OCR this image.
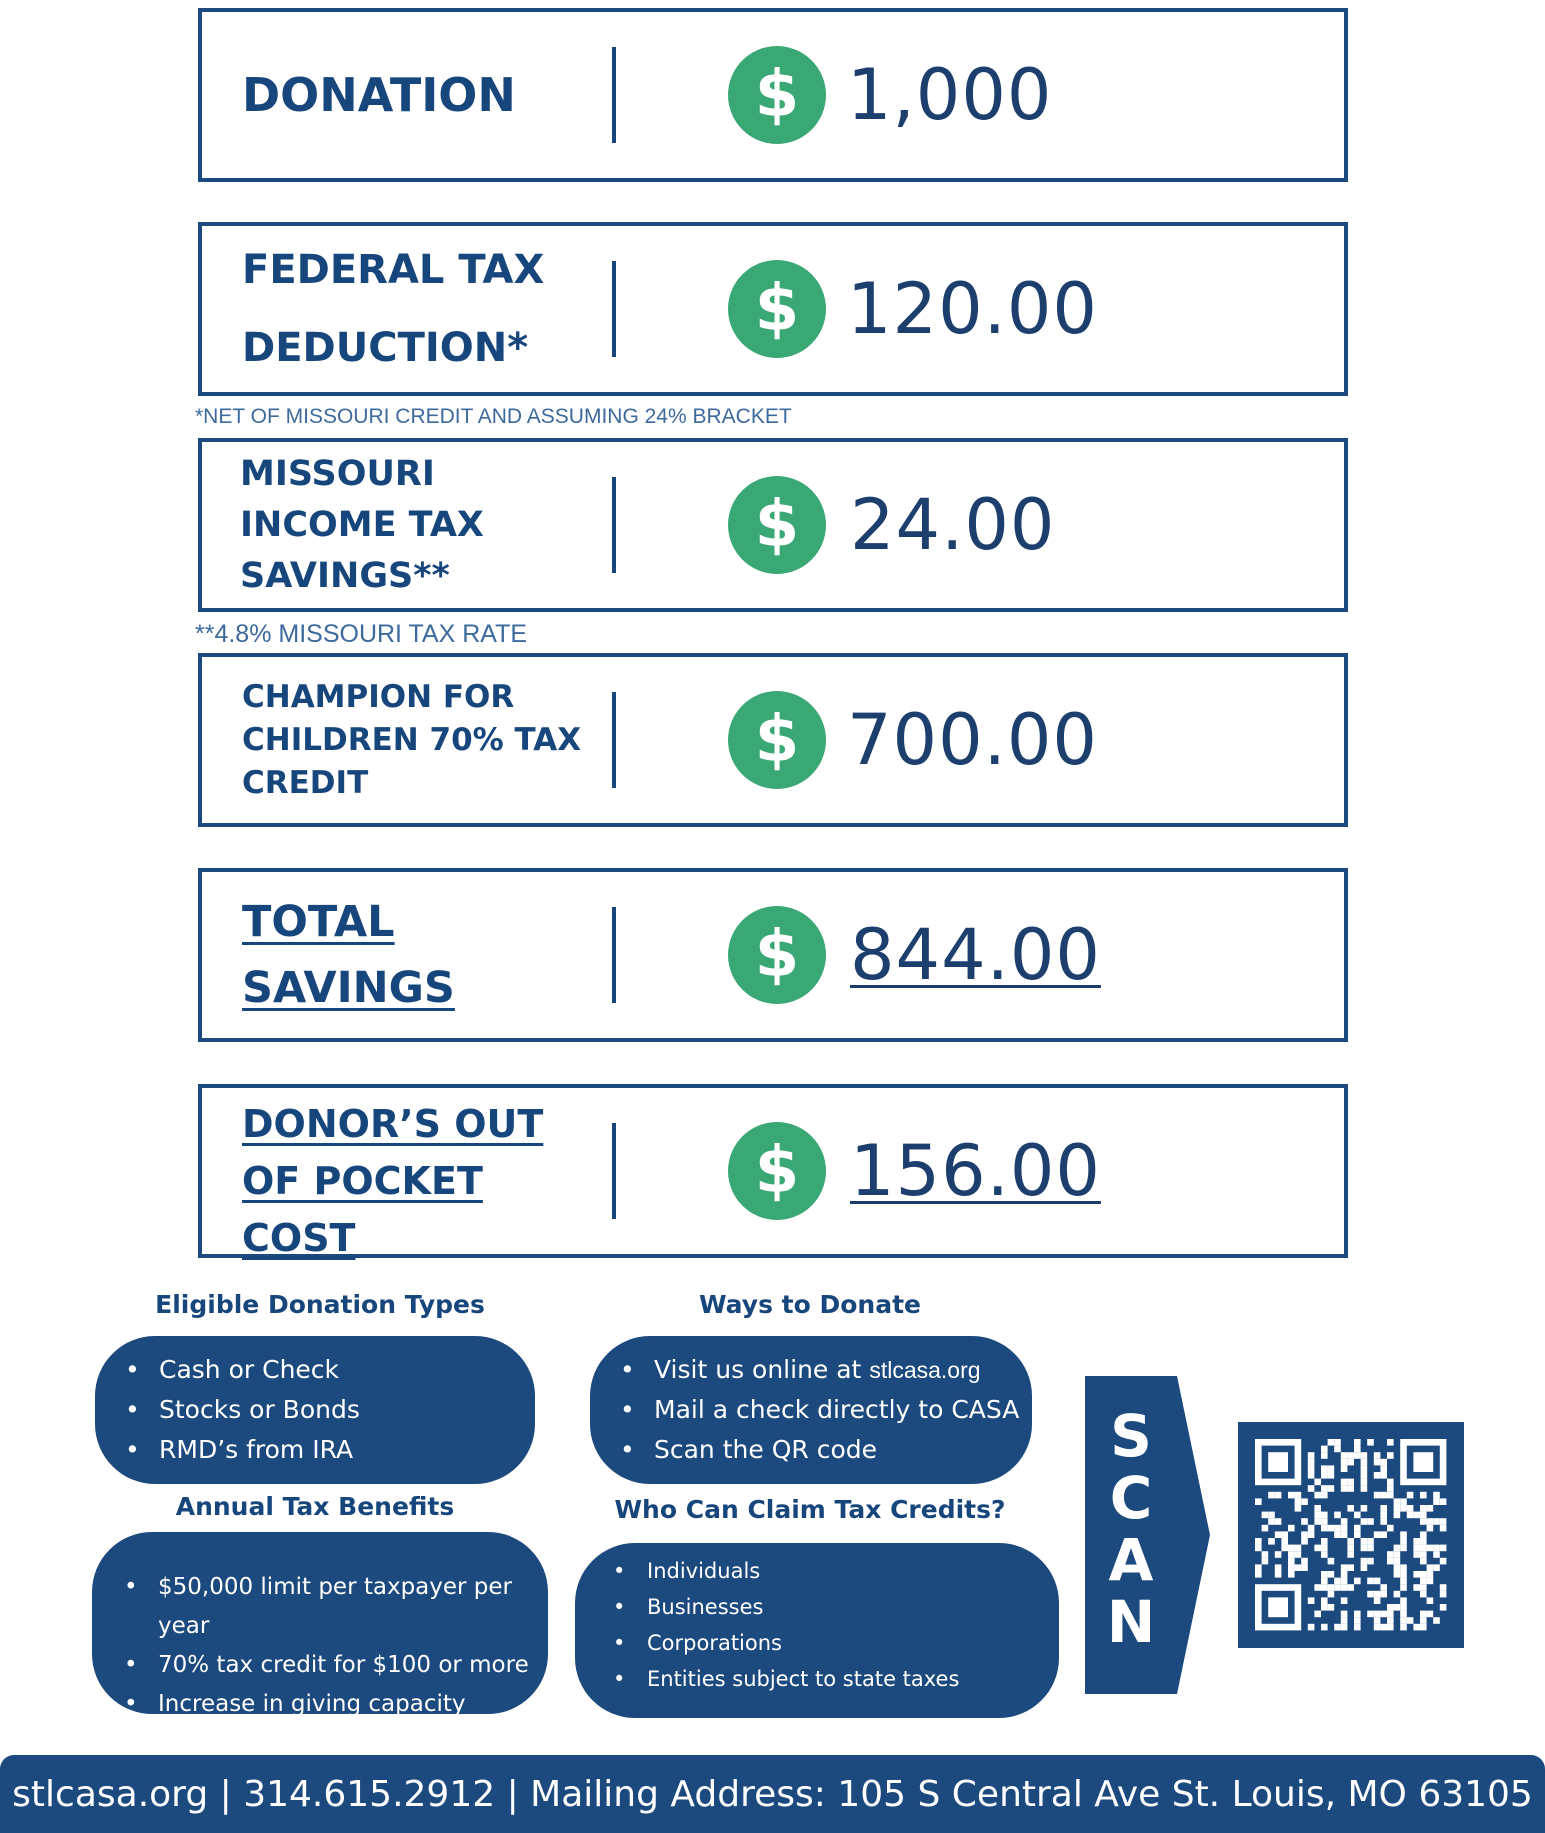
DONATION	$ 1,000
FEDERAL TAX
DEDUCTION*
$ 120.00
*NET OF MISSOURI CREDIT AND ASSUMING 24% BRACKET
MISSOURI
INCOME TAX
SAVINGS**
$ 24.00
**4.8% MISSOURI TAX RATE
CHAMPION FOR
CHILDREN 70% TAX
CREDIT
$ 700.00
TOTAL
SAVINGS	$ 844.00
DONOR’S OUT
OF POCKET
COST
$ 156.00
Eligible Donation Types
• Cash or Check
• Stocks or Bonds
• RMD’s from IRA
Ways to Donate
• Visit us online at stlcasa.org
• Mail a check directly to CASA
• Scan the QR code
Annual Tax Benefits
• $50,000 limit per taxpayer per year
• 70% tax credit for $100 or more
• Increase in giving capacity
Who Can Claim Tax Credits?
• Individuals
• Businesses
• Corporations
• Entities subject to state taxes
S
C
A
N
stlcasa.org | 314.615.2912 | Mailing Address: 105 S Central Ave St. Louis, MO 63105
